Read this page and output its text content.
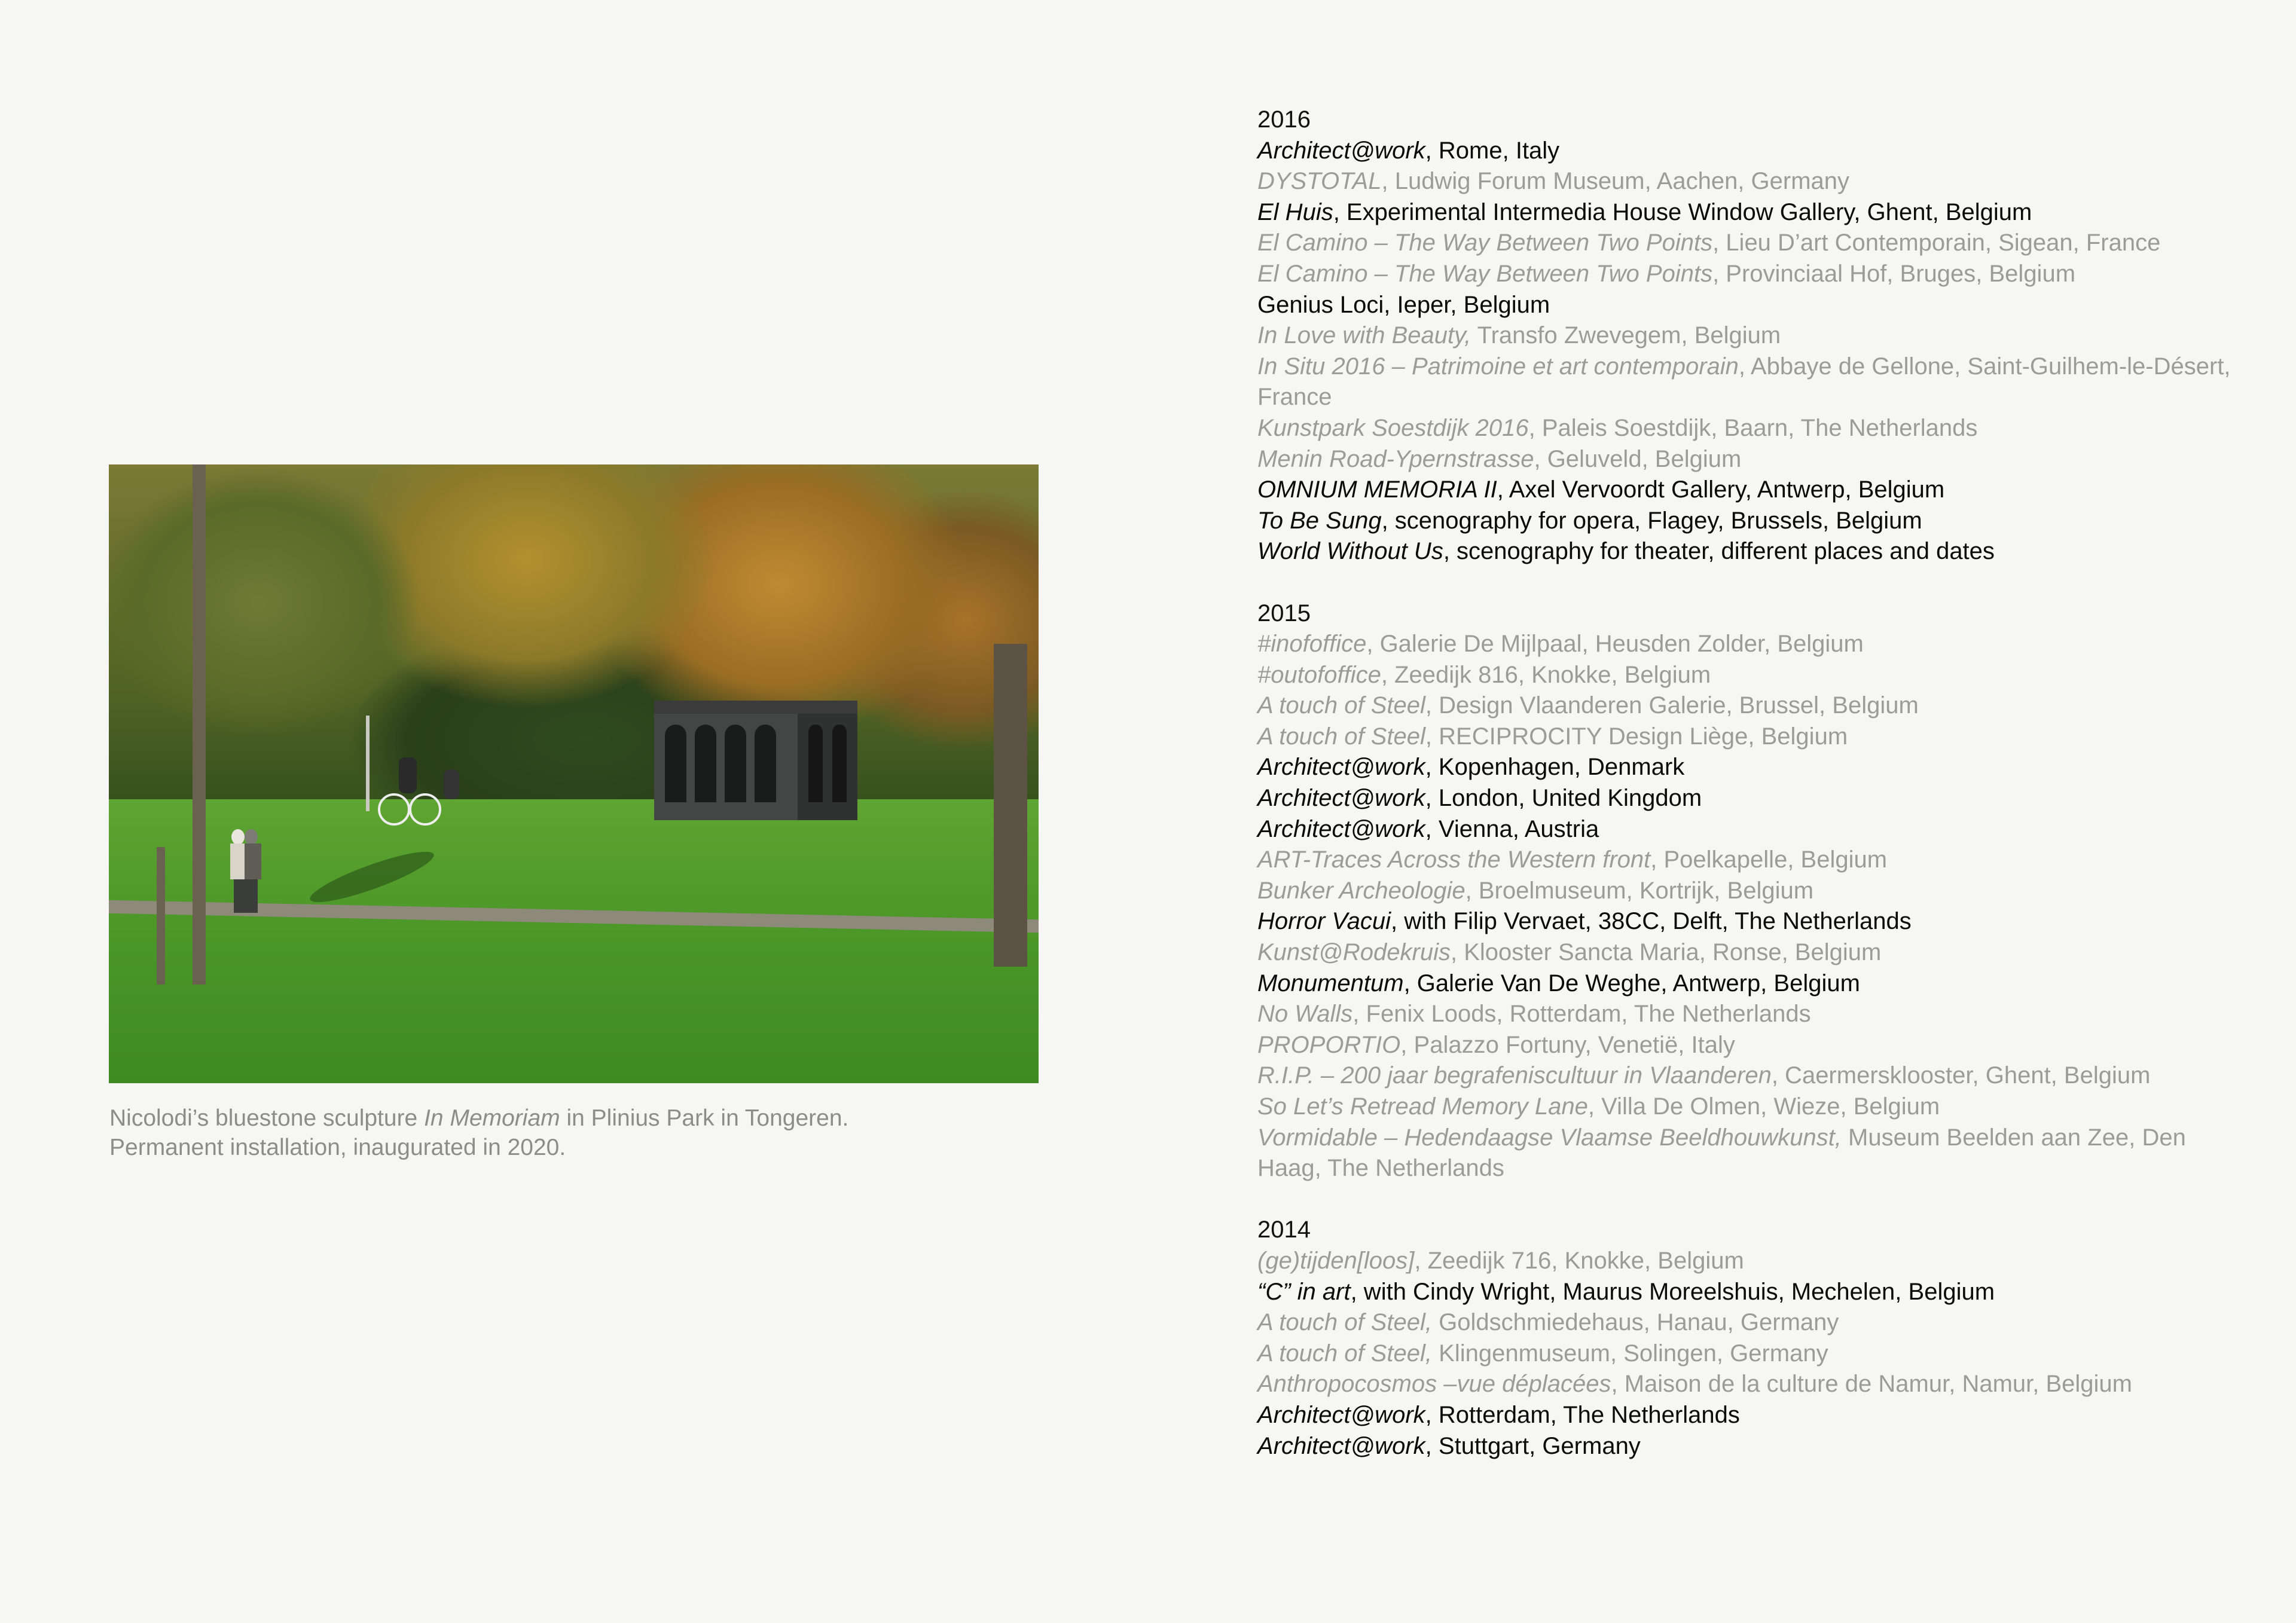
Nicolodi’s bluestone sculpture In Memoriam in Plinius Park in Tongeren.
Permanent installation, inaugurated in 2020.
2016
Architect@work, Rome, Italy
DYSTOTAL, Ludwig Forum Museum, Aachen, Germany
El Huis, Experimental Intermedia House Window Gallery, Ghent, Belgium
El Camino – The Way Between Two Points, Lieu D’art Contemporain, Sigean, France
El Camino – The Way Between Two Points, Provinciaal Hof, Bruges, Belgium
Genius Loci, Ieper, Belgium
In Love with Beauty, Transfo Zwevegem, Belgium
In Situ 2016 – Patrimoine et art contemporain, Abbaye de Gellone, Saint-Guilhem-le-Désert, France
Kunstpark Soestdijk 2016, Paleis Soestdijk, Baarn, The Netherlands
Menin Road-Ypernstrasse, Geluveld, Belgium
OMNIUM MEMORIA II, Axel Vervoordt Gallery, Antwerp, Belgium
To Be Sung, scenography for opera, Flagey, Brussels, Belgium
World Without Us, scenography for theater, different places and dates
2015
#inofoffice, Galerie De Mijlpaal, Heusden Zolder, Belgium
#outofoffice, Zeedijk 816, Knokke, Belgium
A touch of Steel, Design Vlaanderen Galerie, Brussel, Belgium
A touch of Steel, RECIPROCITY Design Liège, Belgium
Architect@work, Kopenhagen, Denmark
Architect@work, London, United Kingdom
Architect@work, Vienna, Austria
ART-Traces Across the Western front, Poelkapelle, Belgium
Bunker Archeologie, Broelmuseum, Kortrijk, Belgium
Horror Vacui, with Filip Vervaet, 38CC, Delft, The Netherlands
Kunst@Rodekruis, Klooster Sancta Maria, Ronse, Belgium
Monumentum, Galerie Van De Weghe, Antwerp, Belgium
No Walls, Fenix Loods, Rotterdam, The Netherlands
PROPORTIO, Palazzo Fortuny, Venetië, Italy
R.I.P. – 200 jaar begrafeniscultuur in Vlaanderen, Caermersklooster, Ghent, Belgium
So Let’s Retread Memory Lane, Villa De Olmen, Wieze, Belgium
Vormidable – Hedendaagse Vlaamse Beeldhouwkunst, Museum Beelden aan Zee, Den Haag, The Netherlands
2014
(ge)tijden[loos], Zeedijk 716, Knokke, Belgium
“C” in art, with Cindy Wright, Maurus Moreelshuis, Mechelen, Belgium
A touch of Steel, Goldschmiedehaus, Hanau, Germany
A touch of Steel, Klingenmuseum, Solingen, Germany
Anthropocosmos –vue déplacées, Maison de la culture de Namur, Namur, Belgium
Architect@work, Rotterdam, The Netherlands
Architect@work, Stuttgart, Germany
